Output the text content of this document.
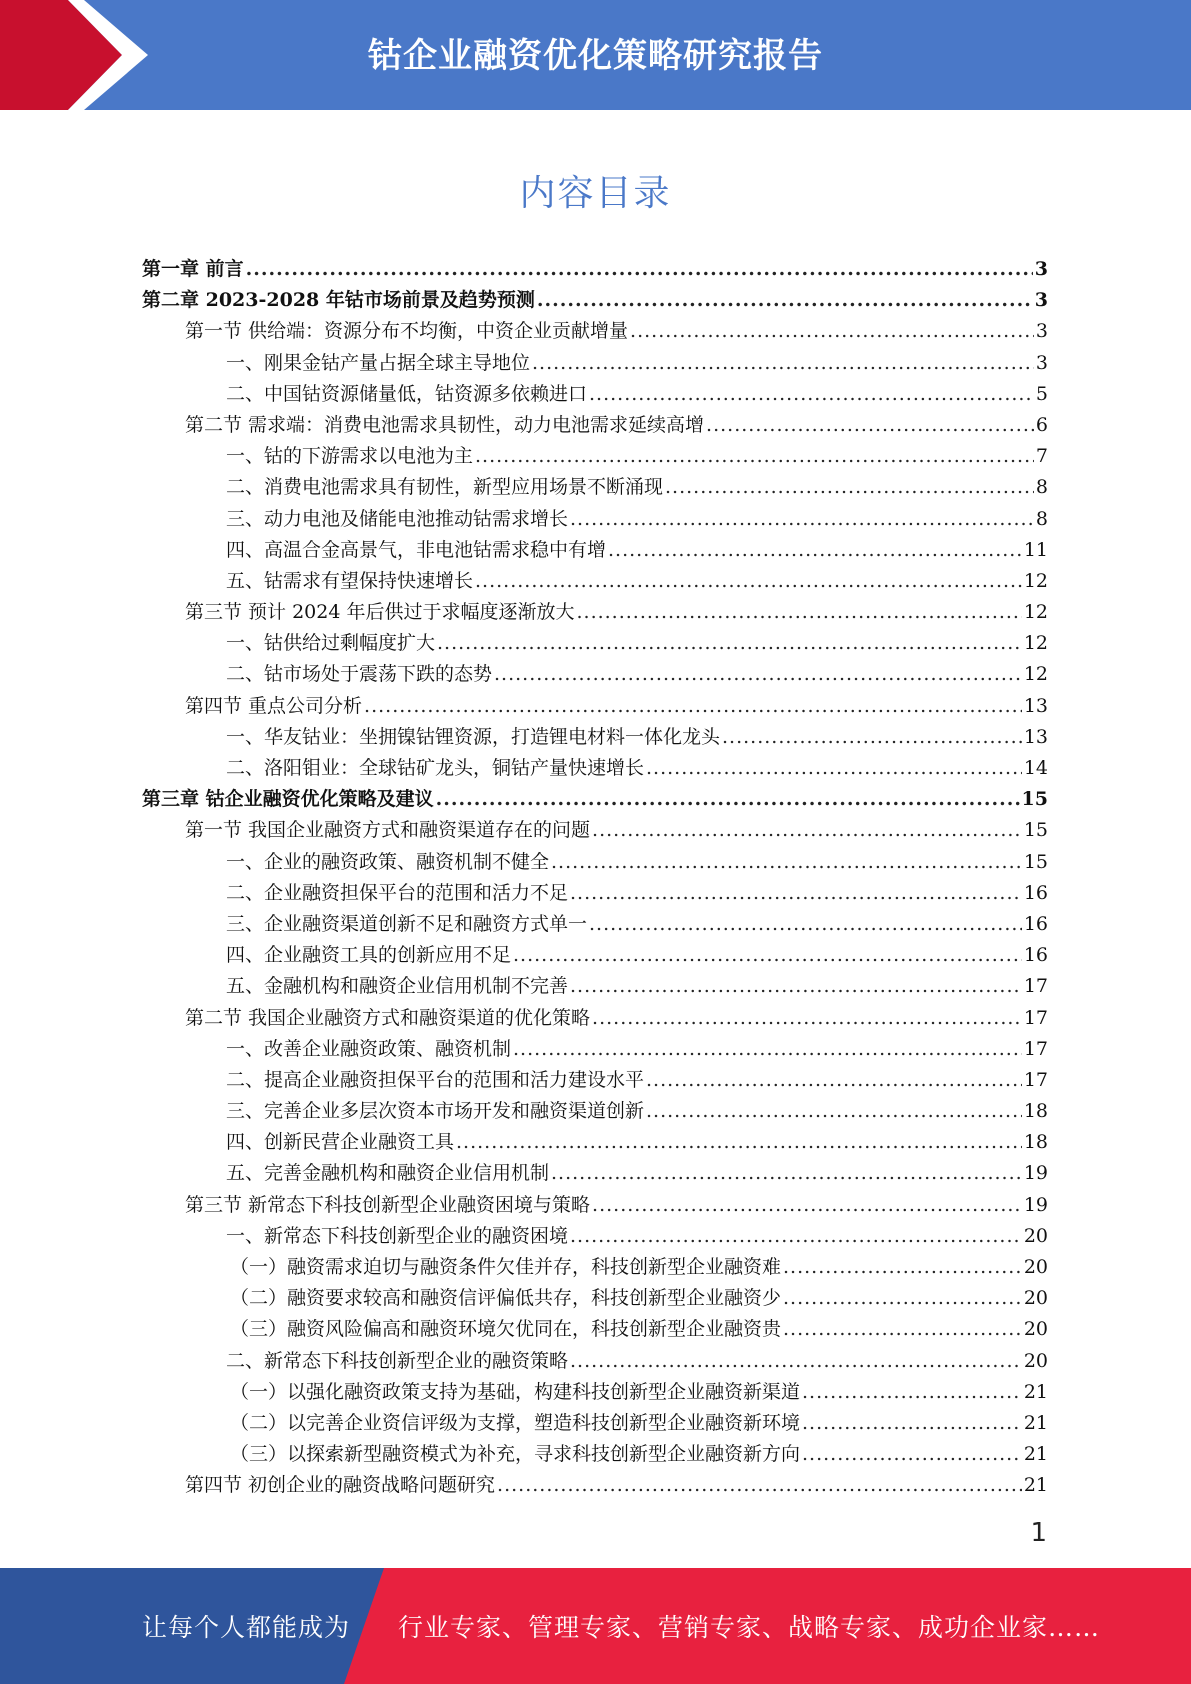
钴企业融资优化策略研究报告
内容目录
第一章 前言 .....	3
第二章 2023-2028 年钴市场前景及趋势预测 .....	3
第一节 供给端：资源分布不均衡，中资企业贡献增量 .....	3
一、刚果金钴产量占据全球主导地位 .....	3
二、中国钴资源储量低，钴资源多依赖进口 .....	5
第二节 需求端：消费电池需求具韧性，动力电池需求延续高增 .....	6
一、钴的下游需求以电池为主 .....	7
二、消费电池需求具有韧性，新型应用场景不断涌现 .....	8
三、动力电池及储能电池推动钴需求增长 .....	8
四、高温合金高景气，非电池钴需求稳中有增 .....	11
五、钴需求有望保持快速增长 .....	12
第三节 预计 2024 年后供过于求幅度逐渐放大 .....	12
一、钴供给过剩幅度扩大 .....	12
二、钴市场处于震荡下跌的态势 .....	12
第四节 重点公司分析 .....	13
一、华友钴业：坐拥镍钴锂资源，打造锂电材料一体化龙头 .....	13
二、洛阳钼业：全球钴矿龙头，铜钴产量快速增长 .....	14
第三章 钴企业融资优化策略及建议 .....	15
第一节 我国企业融资方式和融资渠道存在的问题 .....	15
一、企业的融资政策、融资机制不健全 .....	15
二、企业融资担保平台的范围和活力不足 .....	16
三、企业融资渠道创新不足和融资方式单一 .....	16
四、企业融资工具的创新应用不足 .....	16
五、金融机构和融资企业信用机制不完善 .....	17
第二节 我国企业融资方式和融资渠道的优化策略 .....	17
一、改善企业融资政策、融资机制 .....	17
二、提高企业融资担保平台的范围和活力建设水平 .....	17
三、完善企业多层次资本市场开发和融资渠道创新 .....	18
四、创新民营企业融资工具 .....	18
五、完善金融机构和融资企业信用机制 .....	19
第三节 新常态下科技创新型企业融资困境与策略 .....	19
一、新常态下科技创新型企业的融资困境 .....	20
（一）融资需求迫切与融资条件欠佳并存，科技创新型企业融资难 .....	20
（二）融资要求较高和融资信评偏低共存，科技创新型企业融资少 .....	20
（三）融资风险偏高和融资环境欠优同在，科技创新型企业融资贵 .....	20
二、新常态下科技创新型企业的融资策略 .....	20
（一）以强化融资政策支持为基础，构建科技创新型企业融资新渠道 .....	21
（二）以完善企业资信评级为支撑，塑造科技创新型企业融资新环境 .....	21
（三）以探索新型融资模式为补充，寻求科技创新型企业融资新方向 .....	21
第四节 初创企业的融资战略问题研究 .....	21
1
让每个人都能成为 行业专家、管理专家、营销专家、战略专家、成功企业家……
